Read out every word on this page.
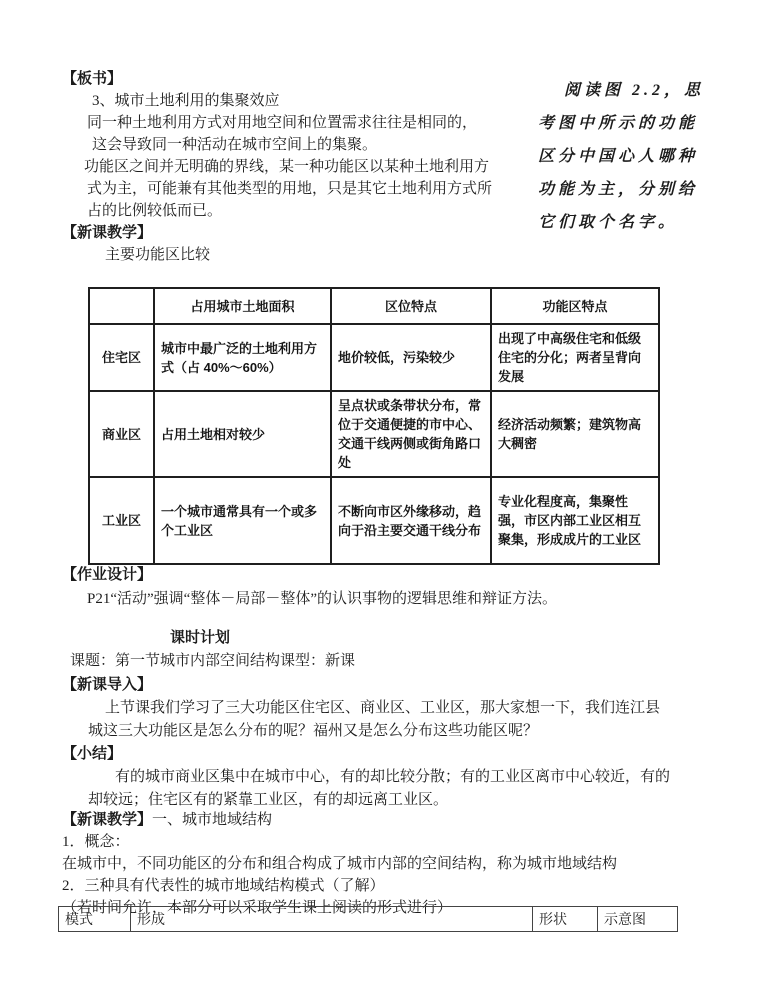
【板书】
3、城市土地利用的集聚效应
同一种土地利用方式对用地空间和位置需求往往是相同的，
这会导致同一种活动在城市空间上的集聚。
功能区之间并无明确的界线，某一种功能区以某种土地利用方
式为主，可能兼有其他类型的用地，只是其它土地利用方式所
占的比例较低而已。
【新课教学】
主要功能区比较
阅读图 2.2，思
考图中所示的功能
区分中国心人哪种
功能为主，分别给
它们取个名字。
	占用城市土地面积	区位特点	功能区特点
住宅区	城市中最广泛的土地利用方式（占 40%～60%）	地价较低，污染较少	出现了中高级住宅和低级住宅的分化；两者呈背向发展
商业区	占用土地相对较少	呈点状或条带状分布，常位于交通便捷的市中心、交通干线两侧或街角路口处	经济活动频繁；建筑物高大稠密
工业区	一个城市通常具有一个或多个工业区	不断向市区外缘移动，趋向于沿主要交通干线分布	专业化程度高，集聚性强，市区内部工业区相互聚集，形成成片的工业区
【作业设计】
P21“活动”强调“整体－局部－整体”的认识事物的逻辑思维和辩证方法。
课时计划
课题：第一节城市内部空间结构课型：新课
【新课导入】
上节课我们学习了三大功能区住宅区、商业区、工业区，那大家想一下，我们连江县
城这三大功能区是怎么分布的呢？福州又是怎么分布这些功能区呢？
【小结】
有的城市商业区集中在城市中心，有的却比较分散；有的工业区离市中心较近，有的
却较远；住宅区有的紧靠工业区，有的却远离工业区。
【新课教学】一、城市地域结构
1．概念：
在城市中，不同功能区的分布和组合构成了城市内部的空间结构，称为城市地域结构
2．三种具有代表性的城市地域结构模式（了解）
（若时间允许，本部分可以采取学生课上阅读的形式进行）
模式	形成	形状	示意图
